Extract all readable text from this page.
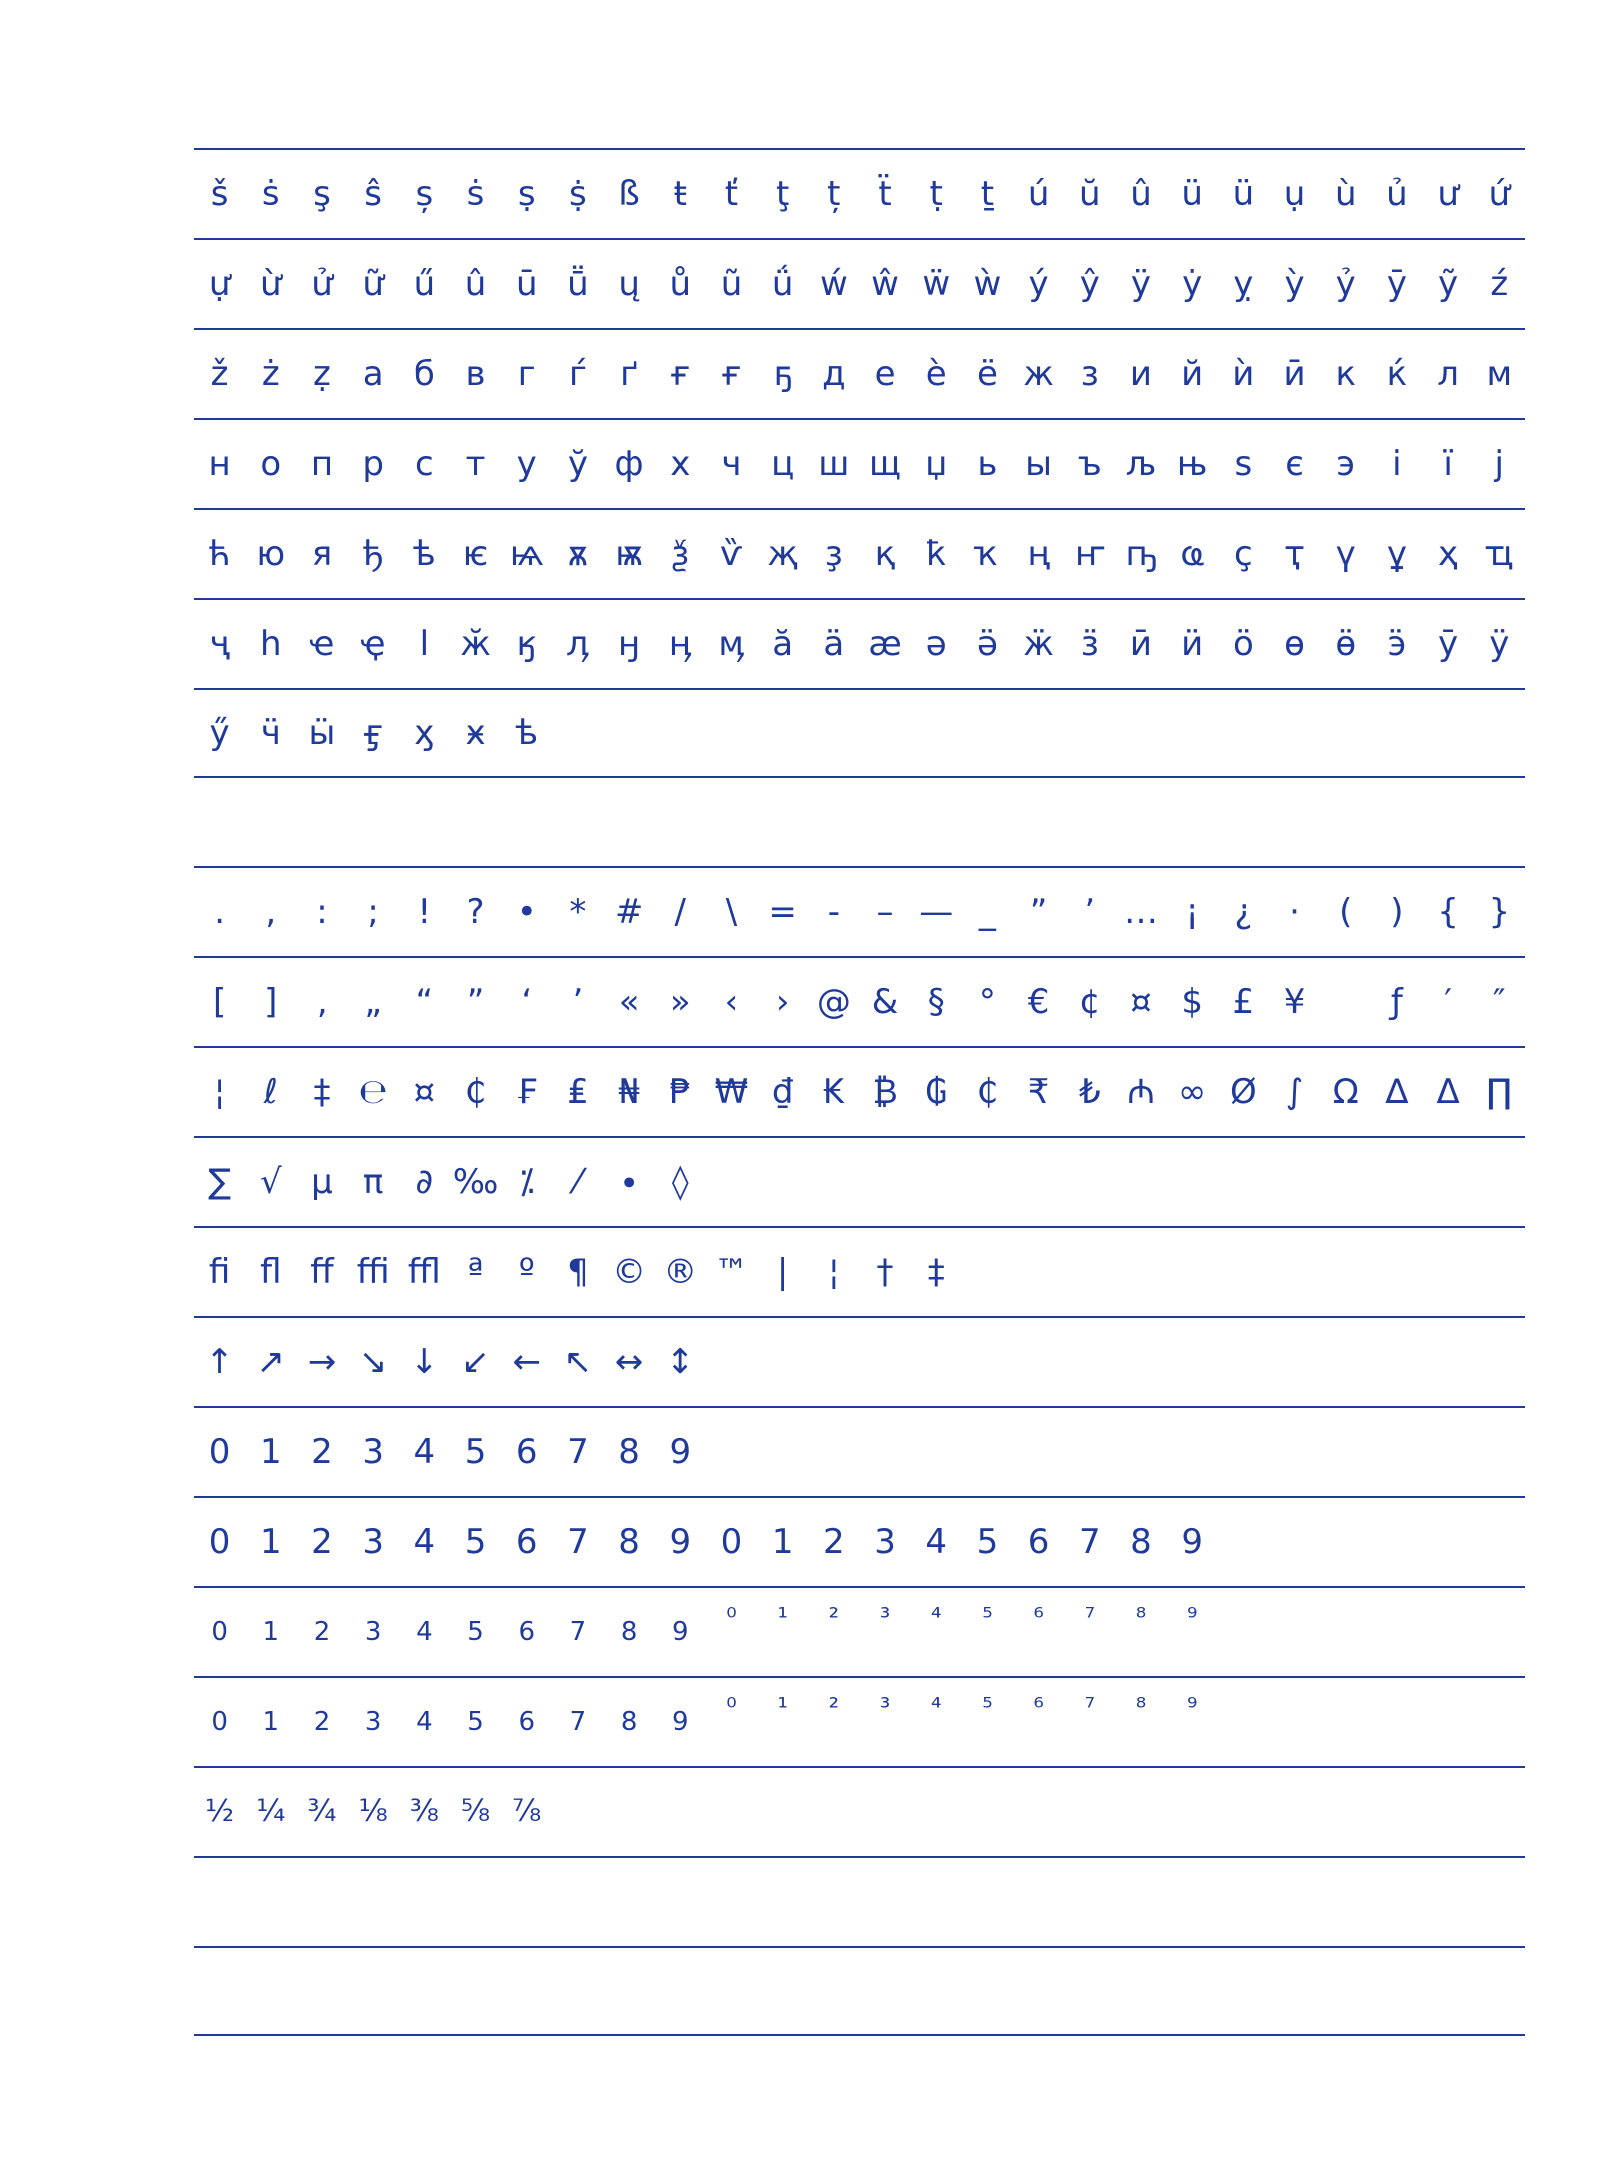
š ṡ ş ŝ ș ṡ ṣ ṩ ß ŧ	ť	ţ	ț	ẗ	ṭ	ṯ ú ŭ û ü ü ụ ù ủ ư ứ
ự ừ ử ữ ű û ū ṻ ų ů ũ ǘ ẃ ŵ ẅ ẁ ý ŷ ÿ ẏ ỵ ỳ ỷ ȳ ỹ ź
ž ż ẓ а б в г ѓ ґ ғ ғ ҕ д е ѐ ё ж з и й ѝ ӣ к ќ л м
н о п р с т у ў ф х ч ц ш щ џ ь ы ъ љ њ ѕ є э	і	ї	ј
ћ ю я ђ ѣ ѥ ѩ ѫ ѭ ѯ ѷ җ ҙ қ ҟ ҡ ң ҥ ҧ ҩ ҫ ҭ ү ұ ҳ ҵ
ҷ һ ҽ ҿ	ӏ ӂ ӄ ӆ ӈ ӊ ӎ ӑ ӓ ӕ ә ӛ ӝ ӟ ӣ ӥ ӧ ө ӫ ӭ ӯ ӱ
ӳ ӵ ӹ ӻ ӽ ӿ ѣ
.	,	:	;	!	? • * # /	\ = -	– — _ ”	’ … ¡	¿	·	(	) { }
[	]	‚	„ “ ”	‘	’	« » ‹	› @ & §	° € ¢ ¤ $ £ ¥	ƒ	′	″
¦	ℓ	‡ ℮ ¤ ₵ ₣ ₤ ₦ ₱ ₩ ₫ ₭ ₿ ₲ ₵ ₹ ₺ ₼ ∞ Ø ∫ Ω ∆ Δ ∏
∑ √ µ π ∂ ‰ ⁒	⁄	∙ ◊
ﬁ ﬂ ﬀ ﬃ ﬄ ª	º ¶ © ® ™ |	¦	†	‡
↑ ↗ → ↘ ↓ ↙ ← ↖ ↔ ↕
0 1 2 3 4 5 6 7 8 9
0 1 2 3 4 5 6 7 8 9 0 1 2 3 4 5 6 7 8 9
0	1	2	3	4	5	6	7	8	9	⁰	¹	²	³	⁴	⁵	⁶	⁷	⁸	⁹
0	1	2	3	4	5	6	7	8	9	⁰	¹	²	³	⁴	⁵	⁶	⁷	⁸	⁹
½ ¼ ¾ ⅛ ⅜ ⅝ ⅞
